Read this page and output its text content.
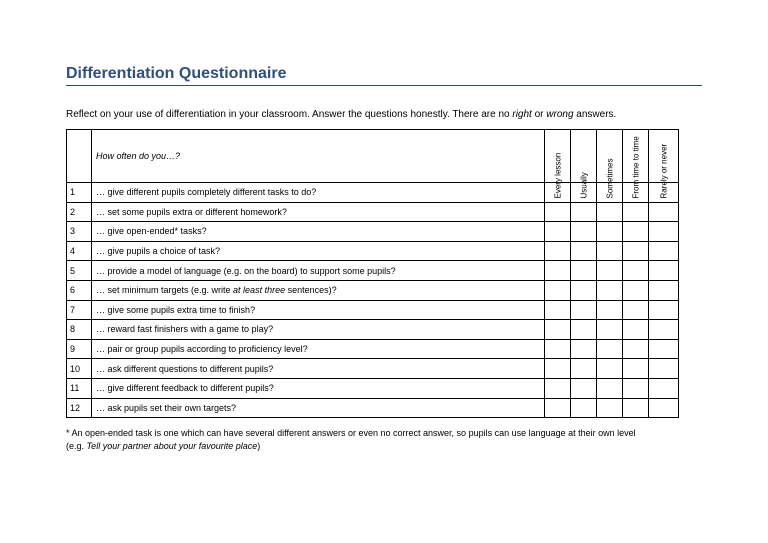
Differentiation Questionnaire
Reflect on your use of differentiation in your classroom. Answer the questions honestly. There are no right or wrong answers.
	How often do you…?	Every lesson	Usually	Sometimes	From time to time	Rarely or never

1	… give different pupils completely different tasks to do?					
2	… set some pupils extra or different homework?					
3	… give open-ended* tasks?					
4	… give pupils a choice of task?					
5	… provide a model of language (e.g. on the board) to support some pupils?					
6	… set minimum targets (e.g. write at least three sentences)?					
7	… give some pupils extra time to finish?					
8	… reward fast finishers with a game to play?					
9	… pair or group pupils according to proficiency level?					
10	… ask different questions to different pupils?					
11	… give different feedback to different pupils?					
12	… ask pupils set their own targets?					
* An open-ended task is one which can have several different answers or even no correct answer, so pupils can use language at their own level
(e.g. Tell your partner about your favourite place)
